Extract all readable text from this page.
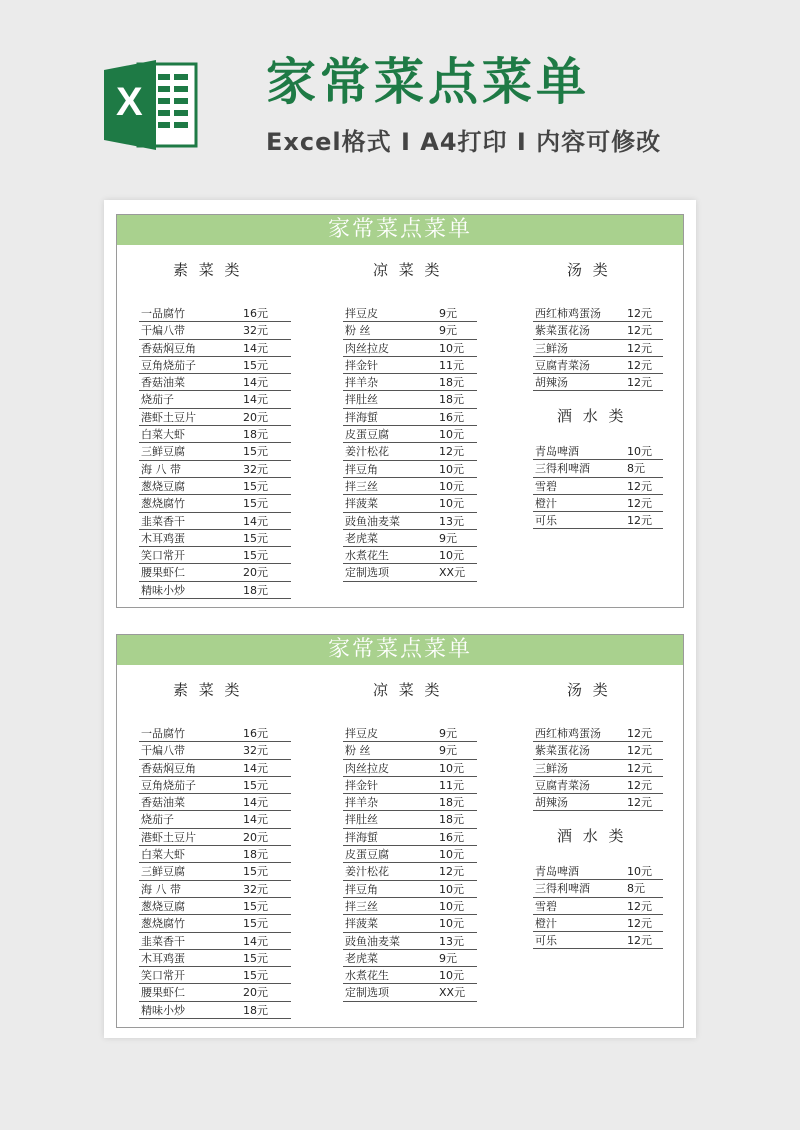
X 家常菜点菜单
Excel格式 I A4打印 I 内容可修改
家常菜点菜单
素 菜 类	凉 菜 类	汤 类
酒 水 类
一品腐竹	16元
干煸八带	32元
香菇焖豆角	14元
豆角烧茄子	15元
香菇油菜	14元
烧茄子	14元
港虾土豆片	20元
白菜大虾	18元
三鲜豆腐	15元
海 八 带	32元
葱烧豆腐	15元
葱烧腐竹	15元
韭菜香干	14元
木耳鸡蛋	15元
笑口常开	15元
腰果虾仁	20元
精味小炒	18元
拌豆皮	9元
粉 丝	9元
肉丝拉皮	10元
拌金针	11元
拌羊杂	18元
拌肚丝	18元
拌海蜇	16元
皮蛋豆腐	10元
姜汁松花	12元
拌豆角	10元
拌三丝	10元
拌菠菜	10元
豉鱼油麦菜	13元
老虎菜	9元
水煮花生	10元
定制选项	XX元
西红柿鸡蛋汤 12元
紫菜蛋花汤	12元
三鲜汤	12元
豆腐青菜汤	12元
胡辣汤	12元
青岛啤酒	10元
三得利啤酒	8元
雪碧	12元
橙汁	12元
可乐	12元
家常菜点菜单
素 菜 类	凉 菜 类	汤 类
酒 水 类
一品腐竹	16元
干煸八带	32元
香菇焖豆角	14元
豆角烧茄子	15元
香菇油菜	14元
烧茄子	14元
港虾土豆片	20元
白菜大虾	18元
三鲜豆腐	15元
海 八 带	32元
葱烧豆腐	15元
葱烧腐竹	15元
韭菜香干	14元
木耳鸡蛋	15元
笑口常开	15元
腰果虾仁	20元
精味小炒	18元
拌豆皮	9元
粉 丝	9元
肉丝拉皮	10元
拌金针	11元
拌羊杂	18元
拌肚丝	18元
拌海蜇	16元
皮蛋豆腐	10元
姜汁松花	12元
拌豆角	10元
拌三丝	10元
拌菠菜	10元
豉鱼油麦菜	13元
老虎菜	9元
水煮花生	10元
定制选项	XX元
西红柿鸡蛋汤 12元
紫菜蛋花汤	12元
三鲜汤	12元
豆腐青菜汤	12元
胡辣汤	12元
青岛啤酒	10元
三得利啤酒	8元
雪碧	12元
橙汁	12元
可乐	12元
